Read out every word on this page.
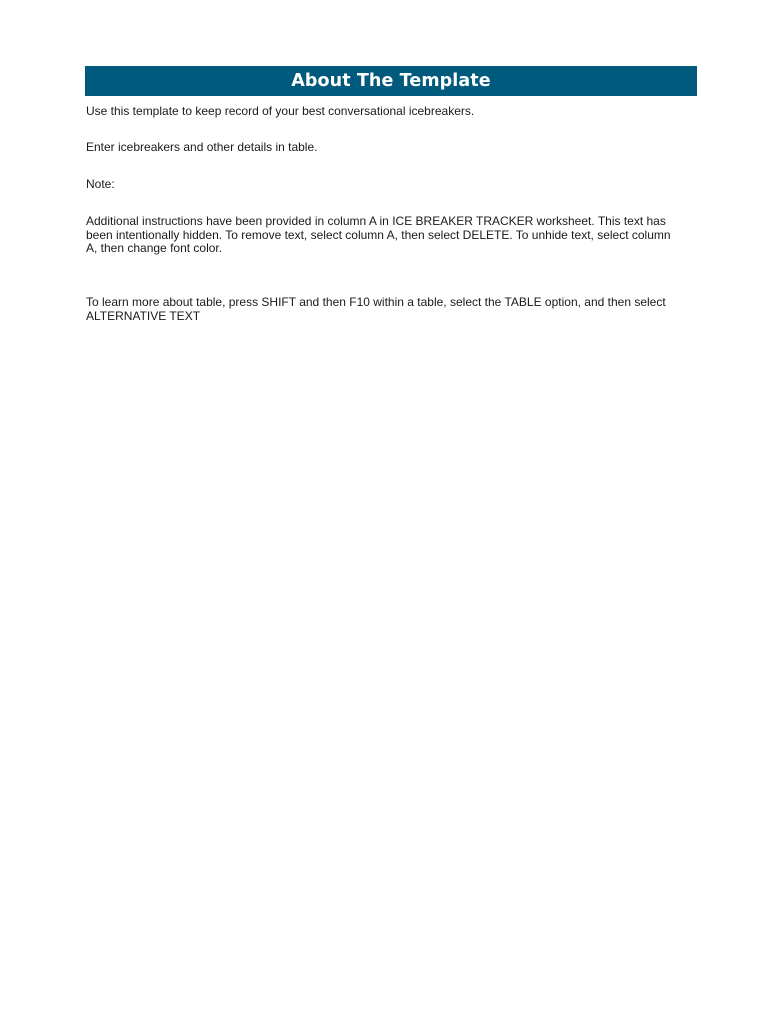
About The Template

Use this template to keep record of your best conversational icebreakers.

Enter icebreakers and other details in table.

Note:

Additional instructions have been provided in column A in ICE BREAKER TRACKER worksheet. This text has been intentionally hidden. To remove text, select column A, then select DELETE. To unhide text, select column A, then change font color.

To learn more about table, press SHIFT and then F10 within a table, select the TABLE option, and then select ALTERNATIVE TEXT
